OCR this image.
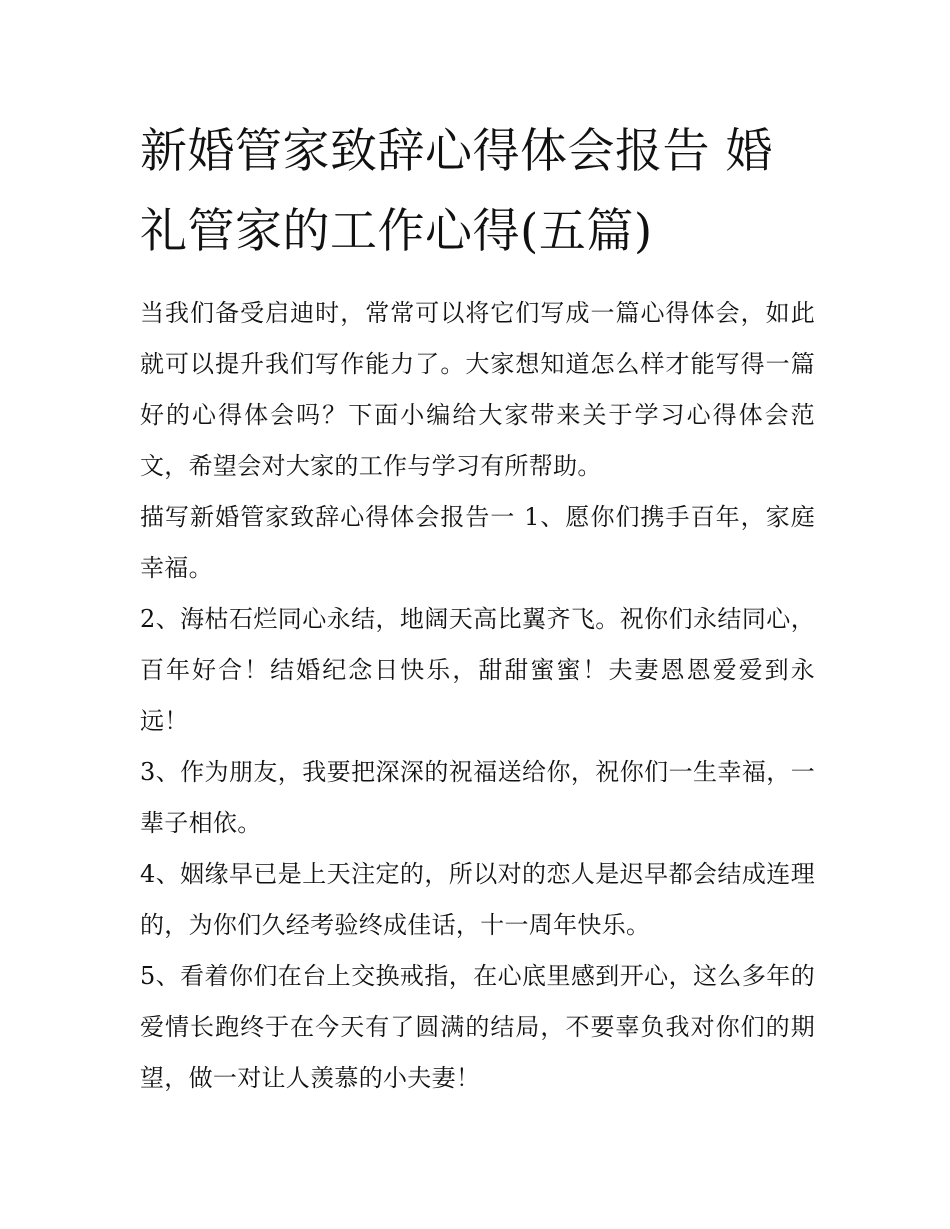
新婚管家致辞心得体会报告 婚礼管家的工作心得(五篇)

当我们备受启迪时，常常可以将它们写成一篇心得体会，如此就可以提升我们写作能力了。大家想知道怎么样才能写得一篇好的心得体会吗？下面小编给大家带来关于学习心得体会范文，希望会对大家的工作与学习有所帮助。

描写新婚管家致辞心得体会报告一 1、愿你们携手百年，家庭幸福。

2、海枯石烂同心永结，地阔天高比翼齐飞。祝你们永结同心，百年好合！结婚纪念日快乐，甜甜蜜蜜！夫妻恩恩爱爱到永远！

3、作为朋友，我要把深深的祝福送给你，祝你们一生幸福，一辈子相依。

4、姻缘早已是上天注定的，所以对的恋人是迟早都会结成连理的，为你们久经考验终成佳话，十一周年快乐。

5、看着你们在台上交换戒指，在心底里感到开心，这么多年的爱情长跑终于在今天有了圆满的结局，不要辜负我对你们的期望，做一对让人羡慕的小夫妻！
